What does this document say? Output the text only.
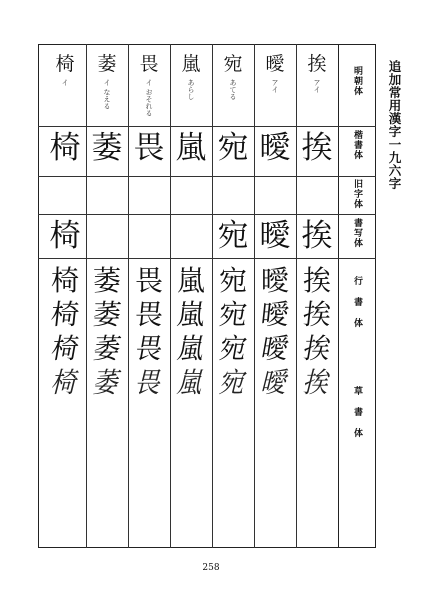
明朝体
楷書体
旧字体
書写体
行書体
草書体
挨
アイ
挨
挨
挨
挨
挨
挨
曖
アイ
曖
曖
曖
曖
曖
曖
宛
あてる
宛
宛
宛
宛
宛
宛
嵐
あらし
嵐
嵐
嵐
嵐
嵐
畏
イ おそれる
畏
畏
畏
畏
畏
萎
イ なえる
萎
萎
萎
萎
萎
椅
イ
椅
椅
椅
椅
椅
椅
追加常用漢字一九六字
258
